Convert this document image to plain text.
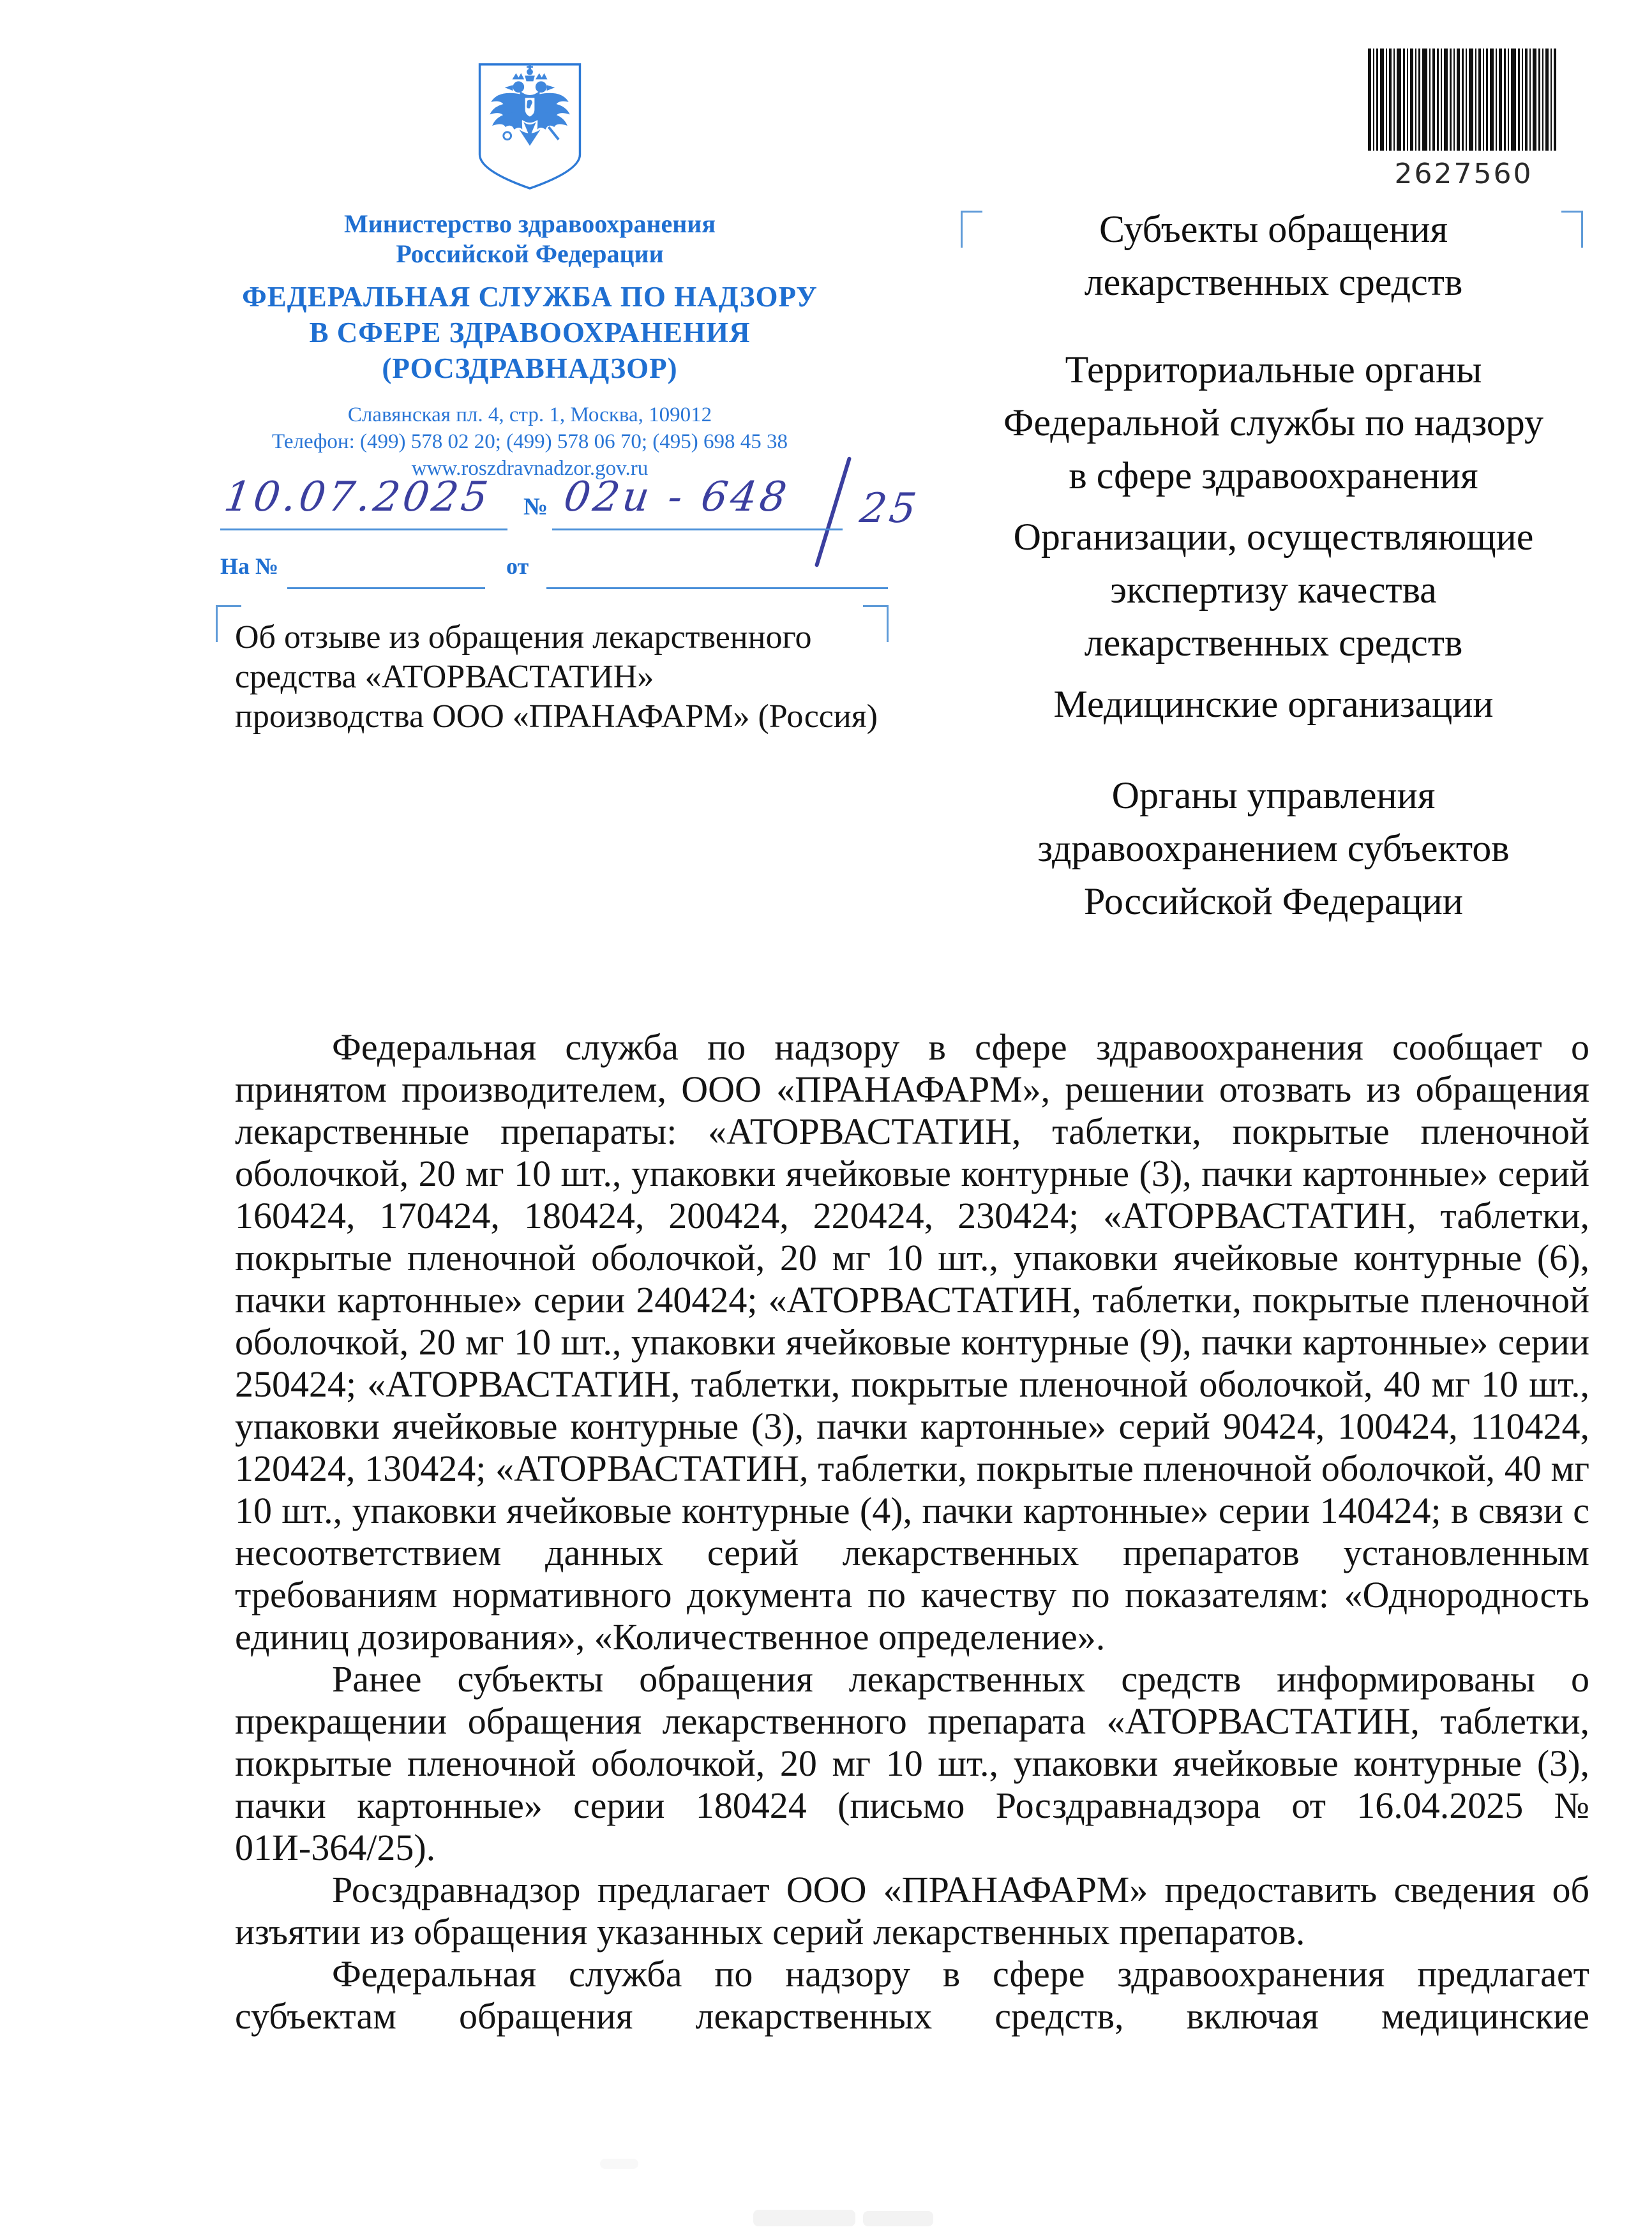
Министерство здравоохранения
Российской Федерации
ФЕДЕРАЛЬНАЯ СЛУЖБА ПО НАДЗОРУ
В СФЕРЕ ЗДРАВООХРАНЕНИЯ
(РОСЗДРАВНАДЗОР)
Славянская пл. 4, стр. 1, Москва, 109012
Телефон: (499) 578 02 20; (499) 578 06 70; (495) 698 45 38
www.roszdravnadzor.gov.ru
10.07.2025 № 02и - 648 25
На №	от
Об отзыве из обращения лекарственного
средства «АТОРВАСТАТИН»
производства ООО «ПРАНАФАРМ» (Россия)
2627560
Субъекты обращения
лекарственных средств
Территориальные органы
Федеральной службы по надзору
в сфере здравоохранения
Организации, осуществляющие
экспертизу качества
лекарственных средств
Медицинские организации
Органы управления
здравоохранением субъектов
Российской Федерации

Федеральная служба по надзору в сфере здравоохранения сообщает о принятом производителем, ООО «ПРАНАФАРМ», решении отозвать из обращения лекарственные препараты: «АТОРВАСТАТИН, таблетки, покрытые пленочной оболочкой, 20 мг 10 шт., упаковки ячейковые контурные (3), пачки картонные» серий 160424, 170424, 180424, 200424, 220424, 230424; «АТОРВАСТАТИН, таблетки, покрытые пленочной оболочкой, 20 мг 10 шт., упаковки ячейковые контурные (6), пачки картонные» серии 240424; «АТОРВАСТАТИН, таблетки, покрытые пленочной оболочкой, 20 мг 10 шт., упаковки ячейковые контурные (9), пачки картонные» серии 250424; «АТОРВАСТАТИН, таблетки, покрытые пленочной оболочкой, 40 мг 10 шт., упаковки ячейковые контурные (3), пачки картонные» серий 90424, 100424, 110424, 120424, 130424; «АТОРВАСТАТИН, таблетки, покрытые пленочной оболочкой, 40 мг 10 шт., упаковки ячейковые контурные (4), пачки картонные» серии 140424; в связи с несоответствием данных серий лекарственных препаратов установленным требованиям нормативного документа по качеству по показателям: «Однородность единиц дозирования», «Количественное определение».

Ранее субъекты обращения лекарственных средств информированы о прекращении обращения лекарственного препарата «АТОРВАСТАТИН, таблетки, покрытые пленочной оболочкой, 20 мг 10 шт., упаковки ячейковые контурные (3), пачки картонные» серии 180424 (письмо Росздравнадзора от 16.04.2025 № 01И-364/25).

Росздравнадзор предлагает ООО «ПРАНАФАРМ» предоставить сведения об изъятии из обращения указанных серий лекарственных препаратов.

Федеральная служба по надзору в сфере здравоохранения предлагает субъектам обращения лекарственных средств, включая медицинские
